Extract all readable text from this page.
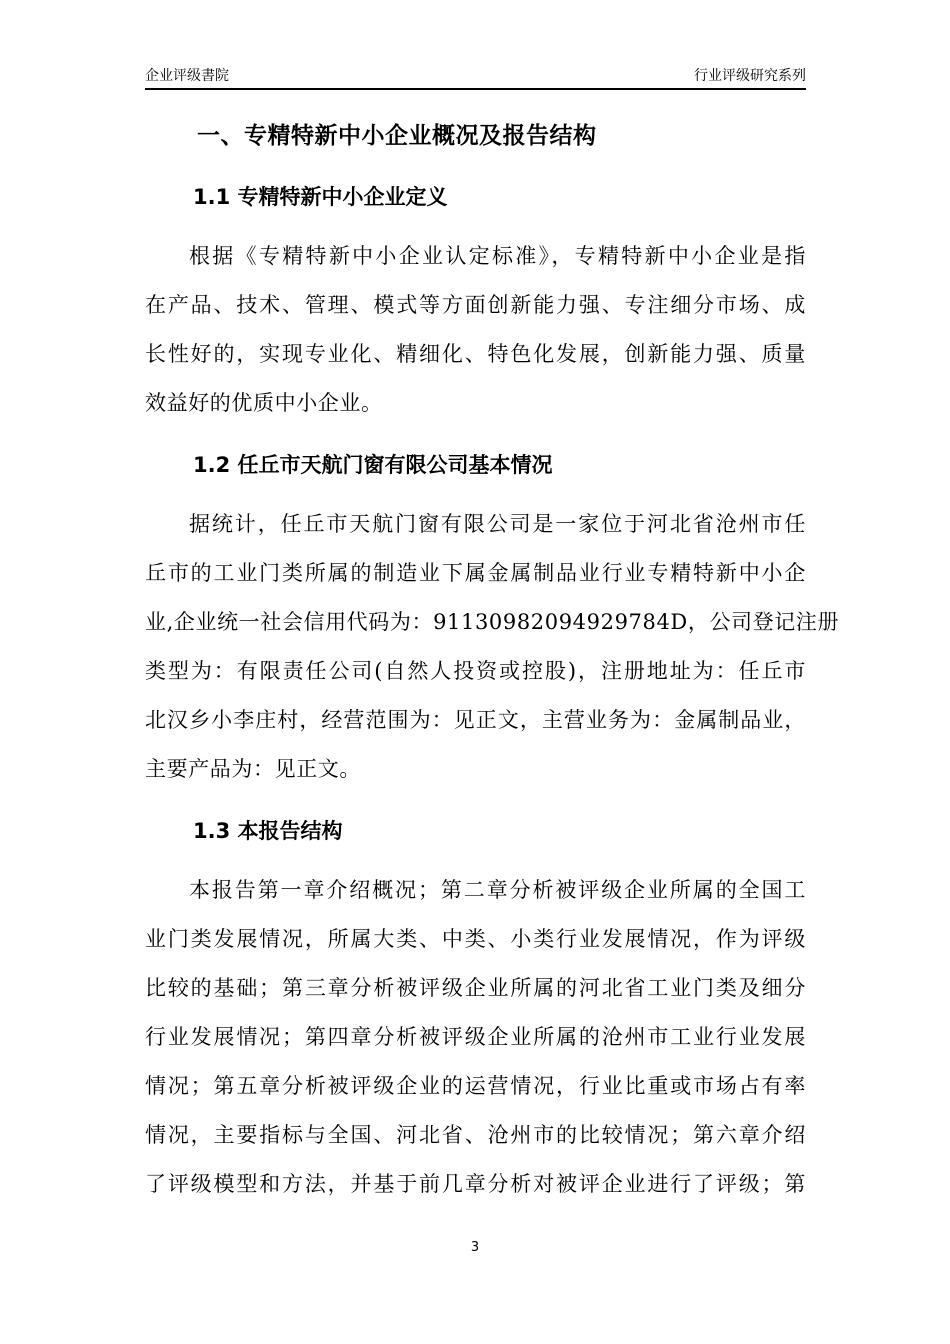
企业评级書院	行业评级研究系列
一、专精特新中小企业概况及报告结构
1.1 专精特新中小企业定义
根据《专精特新中小企业认定标准》，专精特新中小企业是指
在产品、技术、管理、模式等方面创新能力强、专注细分市场、成
长性好的，实现专业化、精细化、特色化发展，创新能力强、质量
效益好的优质中小企业。
1.2 任丘市天航门窗有限公司基本情况
据统计，任丘市天航门窗有限公司是一家位于河北省沧州市任
丘市的工业门类所属的制造业下属金属制品业行业专精特新中小企
业,企业统一社会信用代码为：91130982094929784D，公司登记注册
类型为：有限责任公司(自然人投资或控股)，注册地址为：任丘市
北汉乡小李庄村，经营范围为：见正文，主营业务为：金属制品业，
主要产品为：见正文。
1.3 本报告结构
本报告第一章介绍概况；第二章分析被评级企业所属的全国工
业门类发展情况，所属大类、中类、小类行业发展情况，作为评级
比较的基础；第三章分析被评级企业所属的河北省工业门类及细分
行业发展情况；第四章分析被评级企业所属的沧州市工业行业发展
情况；第五章分析被评级企业的运营情况，行业比重或市场占有率
情况，主要指标与全国、河北省、沧州市的比较情况；第六章介绍
了评级模型和方法，并基于前几章分析对被评企业进行了评级；第
3
